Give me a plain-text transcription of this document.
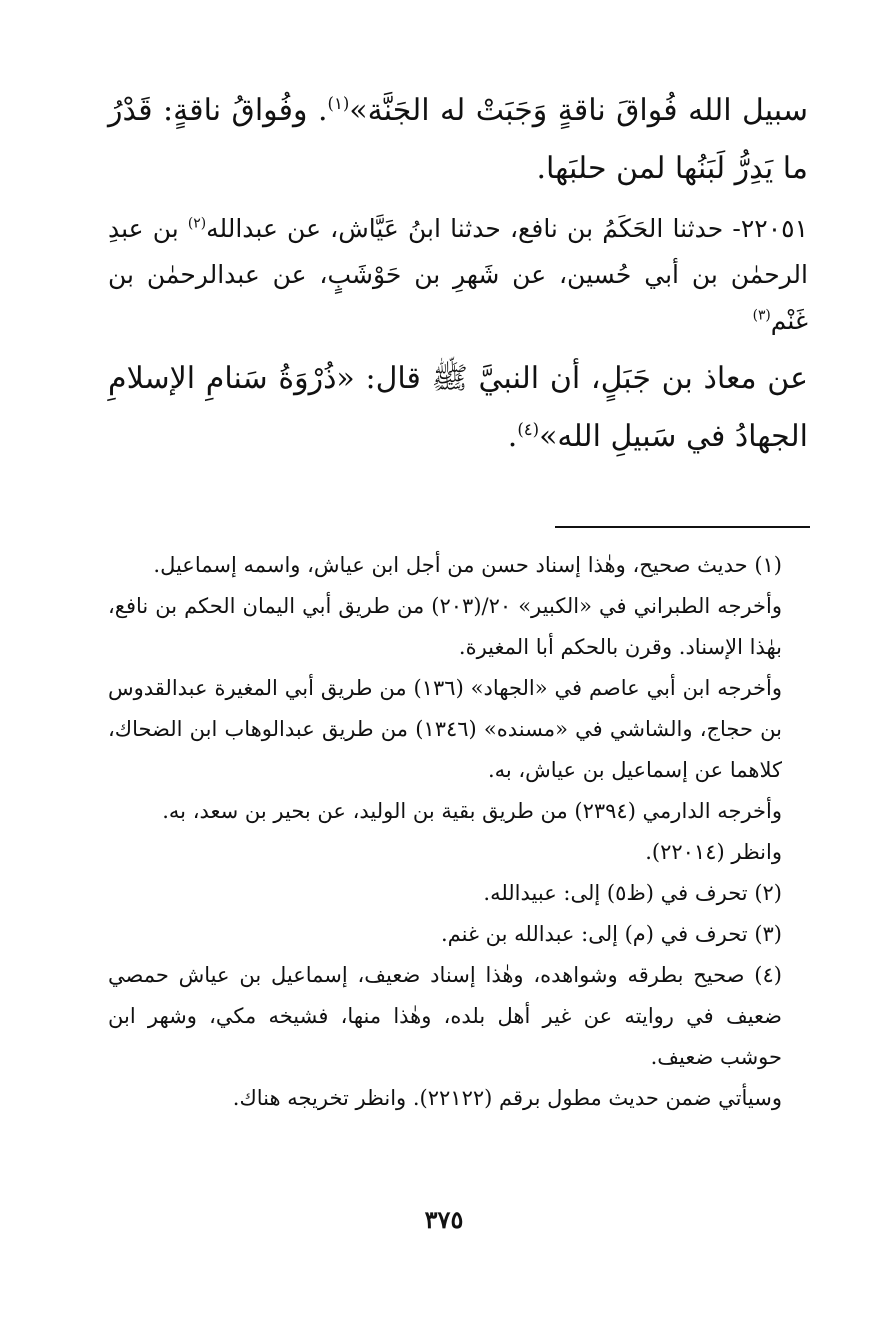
سبيل الله فُواقَ ناقةٍ وَجَبَتْ له الجَنَّة»$^{(١)}$. وفُواقُ ناقةٍ: قَدْرُ ما يَدِرُّ لَبَنُها لمن حلبَها.

٢٢٠٥١- حدثنا الحَكَمُ بن نافع، حدثنا ابنُ عَيَّاش، عن عبدالله$^{(٢)}$ بن عبدِ الرحمٰن بن أبي حُسين، عن شَهرِ بن حَوْشَبٍ، عن عبدالرحمٰن بن غَنْم$^{(٣)}$

عن معاذ بن جَبَلٍ، أن النبيَّ ﷺ قال: «ذُرْوَةُ سَنامِ الإسلامِ الجهادُ في سَبيلِ الله»$^{(٤)}$.

(١) حديث صحيح، وهٰذا إسناد حسن من أجل ابن عياش، واسمه إسماعيل.

وأخرجه الطبراني في «الكبير» ٢٠/(٢٠٣) من طريق أبي اليمان الحكم بن نافع، بهٰذا الإسناد. وقرن بالحكم أبا المغيرة.

وأخرجه ابن أبي عاصم في «الجهاد» (١٣٦) من طريق أبي المغيرة عبدالقدوس بن حجاج، والشاشي في «مسنده» (١٣٤٦) من طريق عبدالوهاب ابن الضحاك، كلاهما عن إسماعيل بن عياش، به.

وأخرجه الدارمي (٢٣٩٤) من طريق بقية بن الوليد، عن بحير بن سعد، به.

وانظر (٢٢٠١٤).

(٢) تحرف في (ظ٥) إلى: عبيدالله.

(٣) تحرف في (م) إلى: عبدالله بن غنم.

(٤) صحيح بطرقه وشواهده، وهٰذا إسناد ضعيف، إسماعيل بن عياش حمصي ضعيف في روايته عن غير أهل بلده، وهٰذا منها، فشيخه مكي، وشهر ابن حوشب ضعيف.

وسيأتي ضمن حديث مطول برقم (٢٢١٢٢). وانظر تخريجه هناك.

٣٧٥
